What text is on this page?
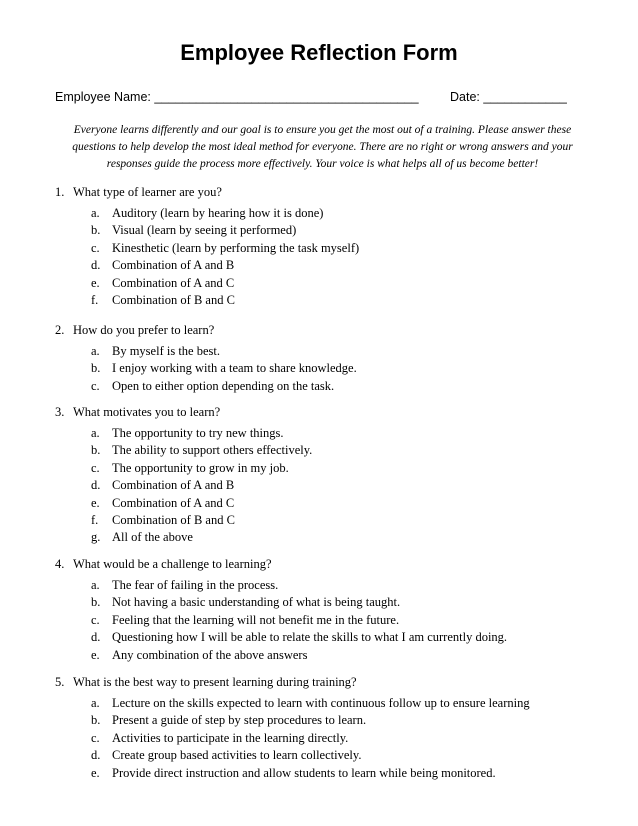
Employee Reflection Form
Employee Name: ______________________________________	Date: ____________
Everyone learns differently and our goal is to ensure you get the most out of a training. Please answer these questions to help develop the most ideal method for everyone. There are no right or wrong answers and your responses guide the process more effectively. Your voice is what helps all of us become better!
1. What type of learner are you?
a. Auditory (learn by hearing how it is done)
b. Visual (learn by seeing it performed)
c. Kinesthetic (learn by performing the task myself)
d. Combination of A and B
e. Combination of A and C
f. Combination of B and C
2. How do you prefer to learn?
a. By myself is the best.
b. I enjoy working with a team to share knowledge.
c. Open to either option depending on the task.
3. What motivates you to learn?
a. The opportunity to try new things.
b. The ability to support others effectively.
c. The opportunity to grow in my job.
d. Combination of A and B
e. Combination of A and C
f. Combination of B and C
g. All of the above
4. What would be a challenge to learning?
a. The fear of failing in the process.
b. Not having a basic understanding of what is being taught.
c. Feeling that the learning will not benefit me in the future.
d. Questioning how I will be able to relate the skills to what I am currently doing.
e. Any combination of the above answers
5. What is the best way to present learning during training?
a. Lecture on the skills expected to learn with continuous follow up to ensure learning
b. Present a guide of step by step procedures to learn.
c. Activities to participate in the learning directly.
d. Create group based activities to learn collectively.
e. Provide direct instruction and allow students to learn while being monitored.
